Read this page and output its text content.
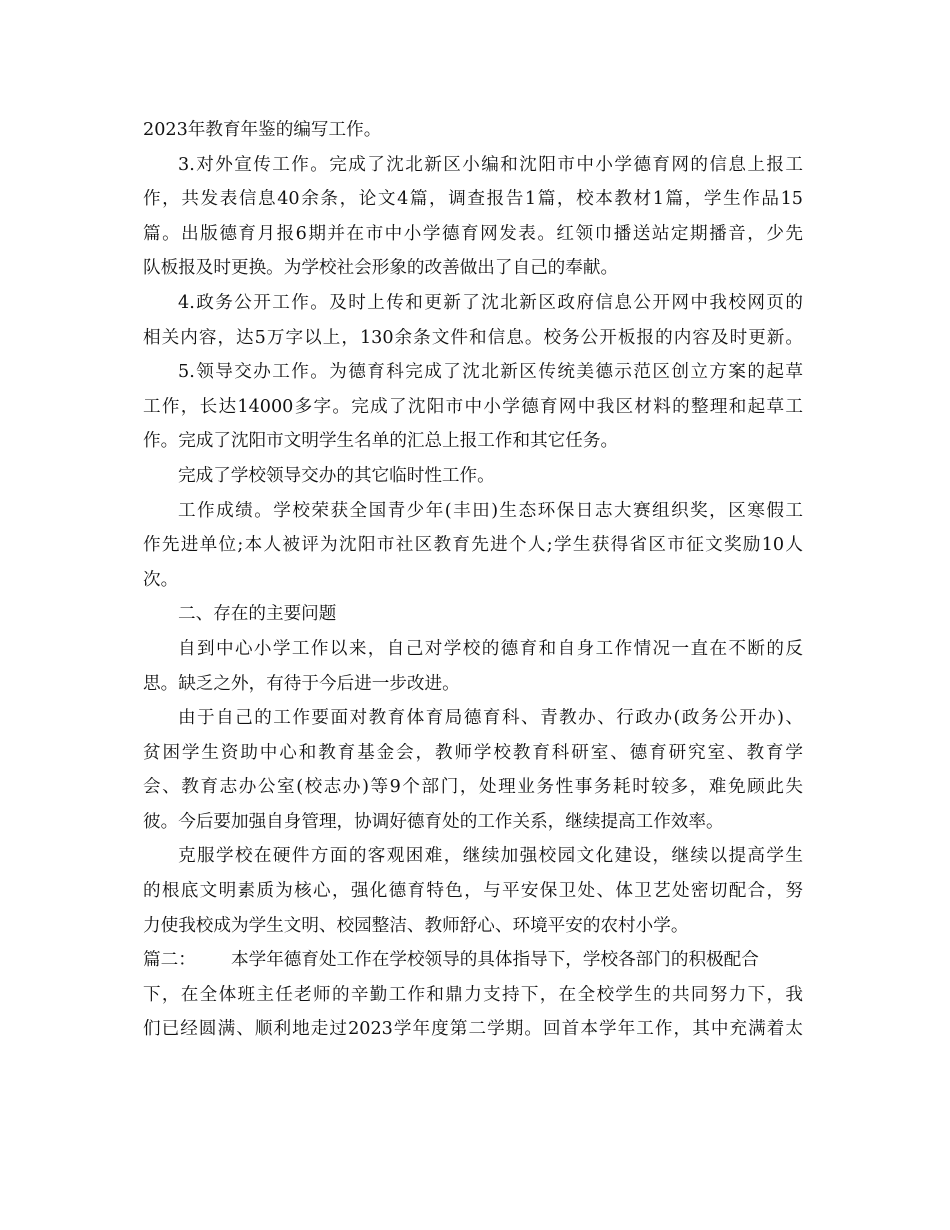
2023年教育年鉴的编写工作。

3.对外宣传工作。完成了沈北新区小编和沈阳市中小学德育网的信息上报工

作，共发表信息40余条，论文4篇，调查报告1篇，校本教材1篇，学生作品15

篇。出版德育月报6期并在市中小学德育网发表。红领巾播送站定期播音，少先

队板报及时更换。为学校社会形象的改善做出了自己的奉献。

4.政务公开工作。及时上传和更新了沈北新区政府信息公开网中我校网页的

相关内容，达5万字以上，130余条文件和信息。校务公开板报的内容及时更新。

5.领导交办工作。为德育科完成了沈北新区传统美德示范区创立方案的起草

工作，长达14000多字。完成了沈阳市中小学德育网中我区材料的整理和起草工

作。完成了沈阳市文明学生名单的汇总上报工作和其它任务。

完成了学校领导交办的其它临时性工作。

工作成绩。学校荣获全国青少年(丰田)生态环保日志大赛组织奖，区寒假工

作先进单位;本人被评为沈阳市社区教育先进个人;学生获得省区市征文奖励10人

次。

二、存在的主要问题

自到中心小学工作以来，自己对学校的德育和自身工作情况一直在不断的反

思。缺乏之外，有待于今后进一步改进。

由于自己的工作要面对教育体育局德育科、青教办、行政办(政务公开办)、

贫困学生资助中心和教育基金会，教师学校教育科研室、德育研究室、教育学

会、教育志办公室(校志办)等9个部门，处理业务性事务耗时较多，难免顾此失

彼。今后要加强自身管理，协调好德育处的工作关系，继续提高工作效率。

克服学校在硬件方面的客观困难，继续加强校园文化建设，继续以提高学生

的根底文明素质为核心，强化德育特色，与平安保卫处、体卫艺处密切配合，努

力使我校成为学生文明、校园整洁、教师舒心、环境平安的农村小学。

篇二： 本学年德育处工作在学校领导的具体指导下，学校各部门的积极配合

下，在全体班主任老师的辛勤工作和鼎力支持下，在全校学生的共同努力下，我

们已经圆满、顺利地走过2023学年度第二学期。回首本学年工作，其中充满着太
